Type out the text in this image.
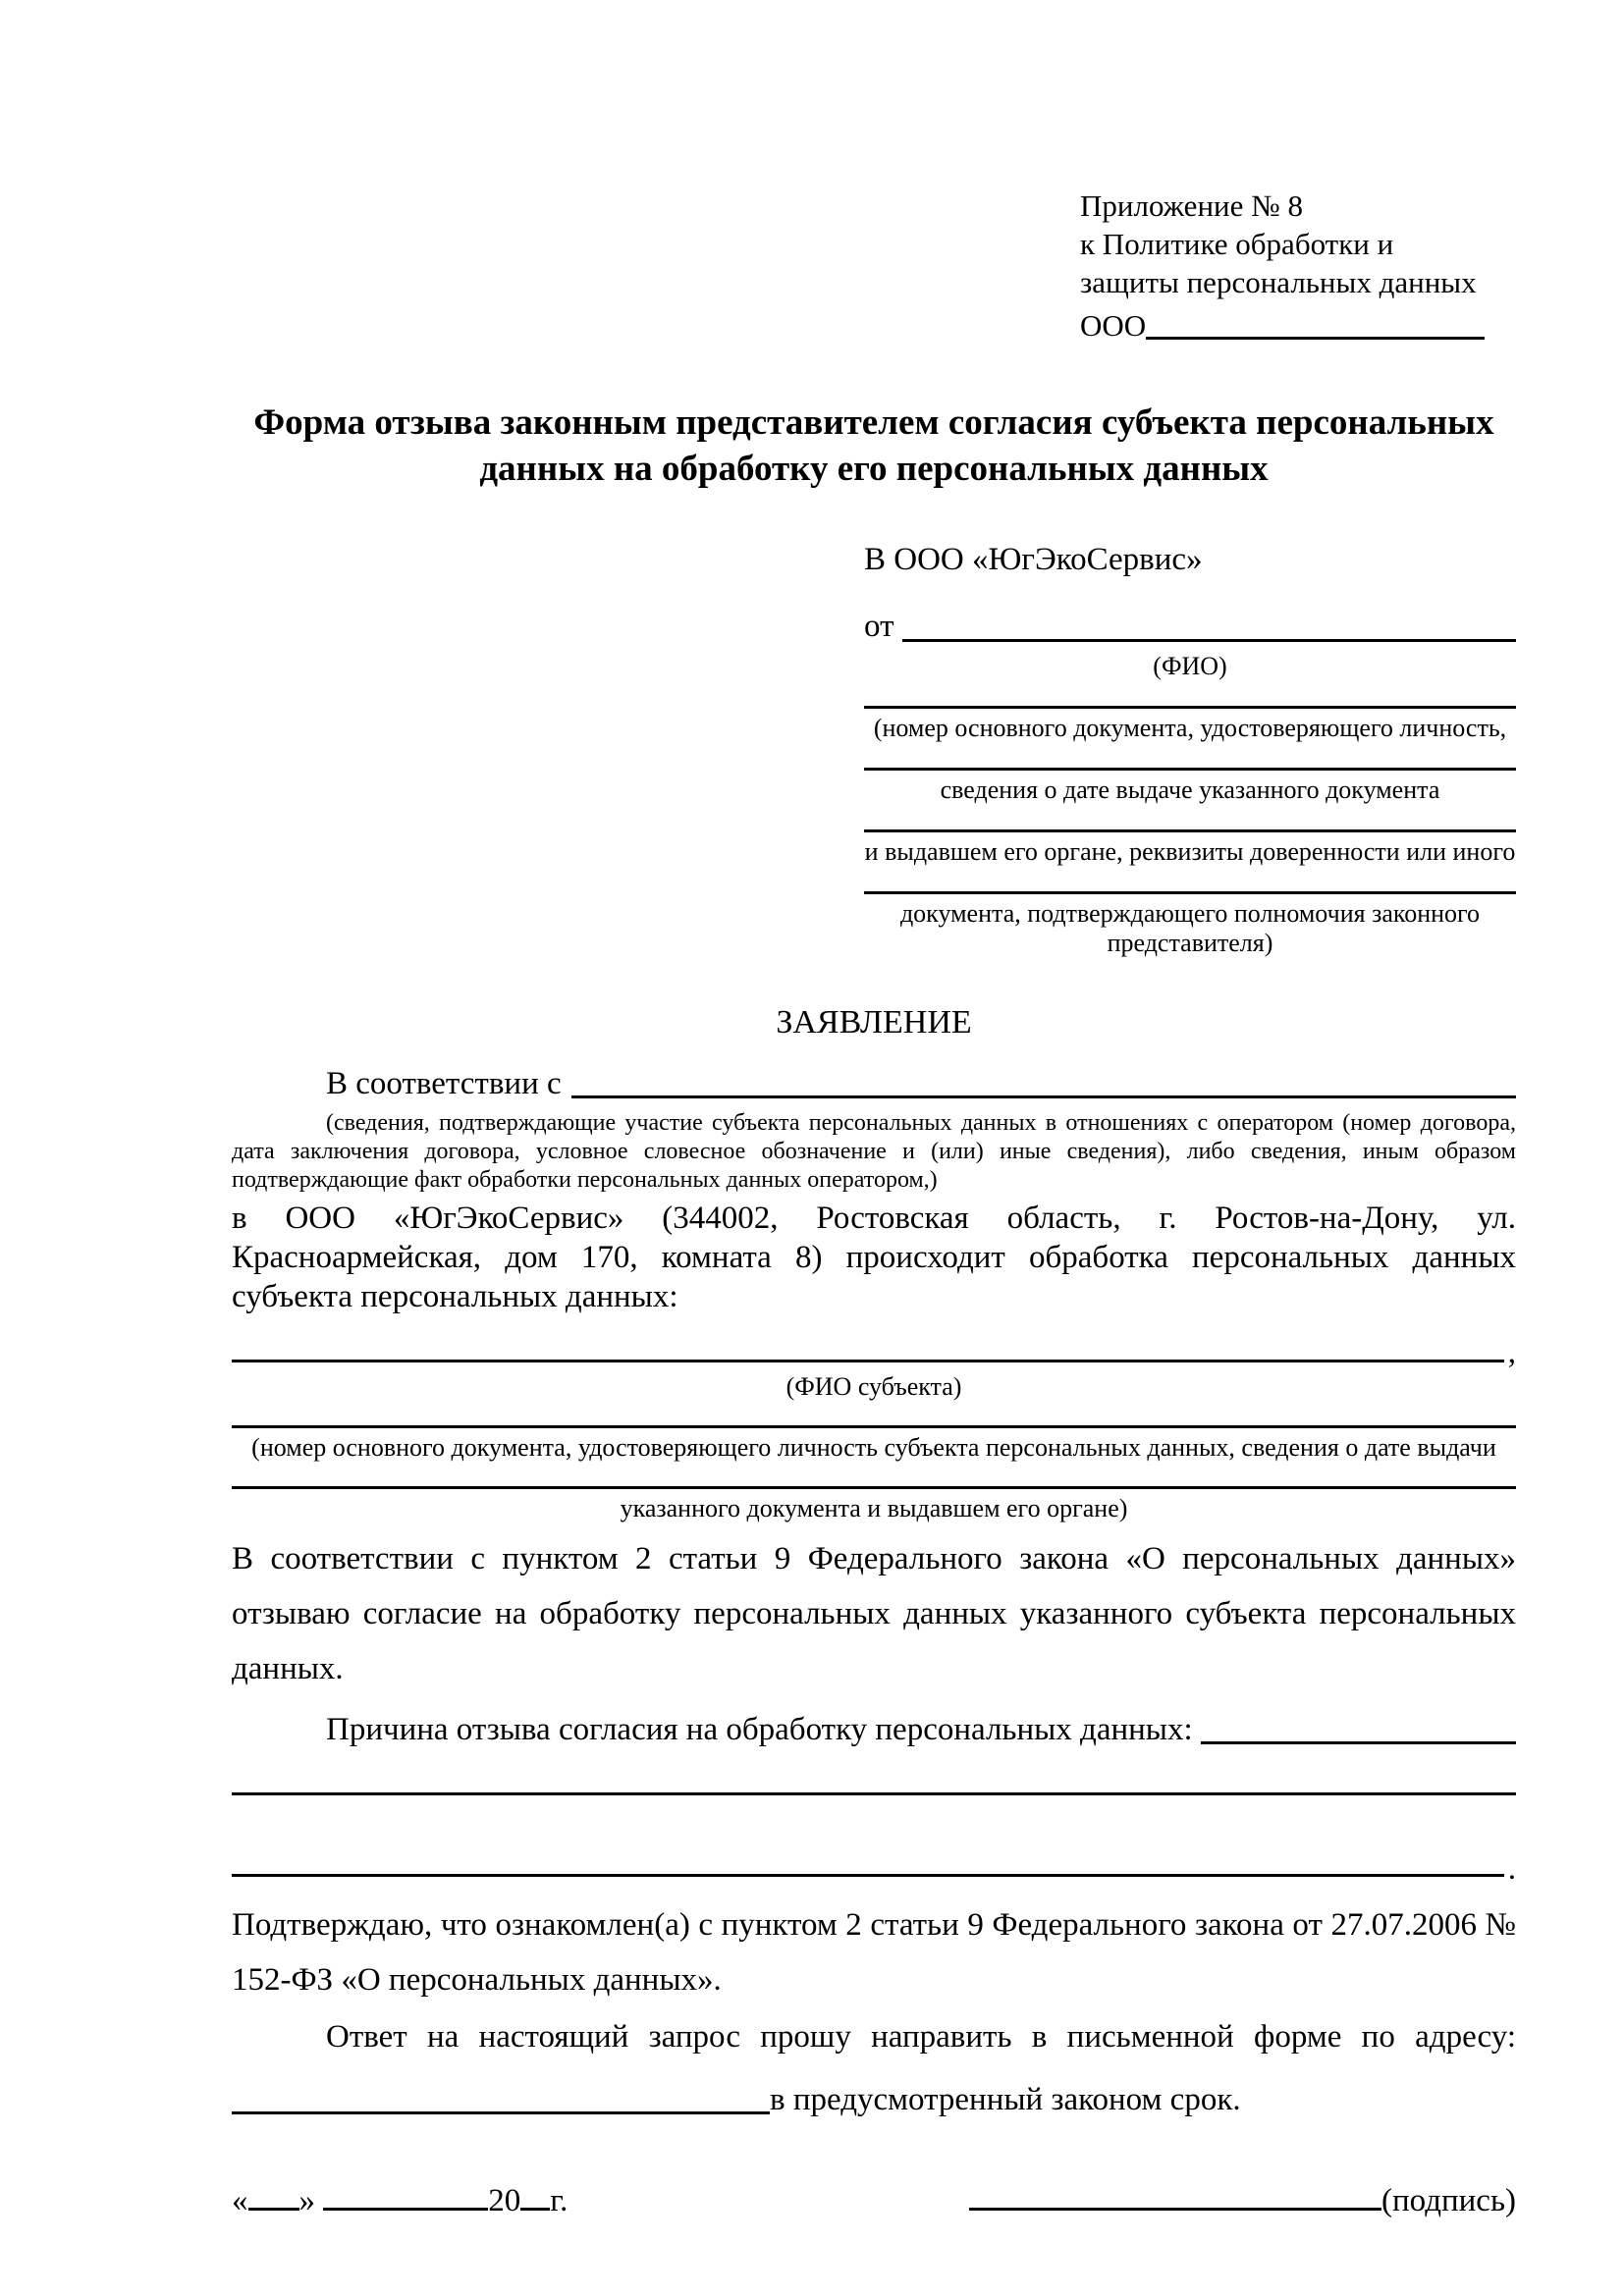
Приложение № 8
к Политике обработки и
защиты персональных данных
ООО
Форма отзыва законным представителем согласия субъекта персональных данных на обработку его персональных данных
В ООО «ЮгЭкоСервис»
от
(ФИО)
(номер основного документа, удостоверяющего личность,
сведения о дате выдаче указанного документа
и выдавшем его органе, реквизиты доверенности или иного
документа, подтверждающего полномочия законного представителя)
ЗАЯВЛЕНИЕ
В соответствии с
(сведения, подтверждающие участие субъекта персональных данных в отношениях с оператором (номер договора, дата заключения договора, условное словесное обозначение и (или) иные сведения), либо сведения, иным образом подтверждающие факт обработки персональных данных оператором,)

в ООО «ЮгЭкоСервис» (344002, Ростовская область, г. Ростов-на-Дону, ул. Красноармейская, дом 170, комната 8) происходит обработка персональных данных субъекта персональных данных:

,
(ФИО субъекта)
(номер основного документа, удостоверяющего личность субъекта персональных данных, сведения о дате выдачи
указанного документа и выдавшем его органе)

В соответствии с пунктом 2 статьи 9 Федерального закона «О персональных данных» отзываю согласие на обработку персональных данных указанного субъекта персональных данных.

Причина отзыва согласия на обработку персональных данных:
.

Подтверждаю, что ознакомлен(а) с пунктом 2 статьи 9 Федерального закона от 27.07.2006 № 152-ФЗ «О персональных данных».

Ответ на настоящий запрос прошу направить в письменной форме по адресу:
в предусмотренный законом срок.
« »	20 г.	(подпись)
